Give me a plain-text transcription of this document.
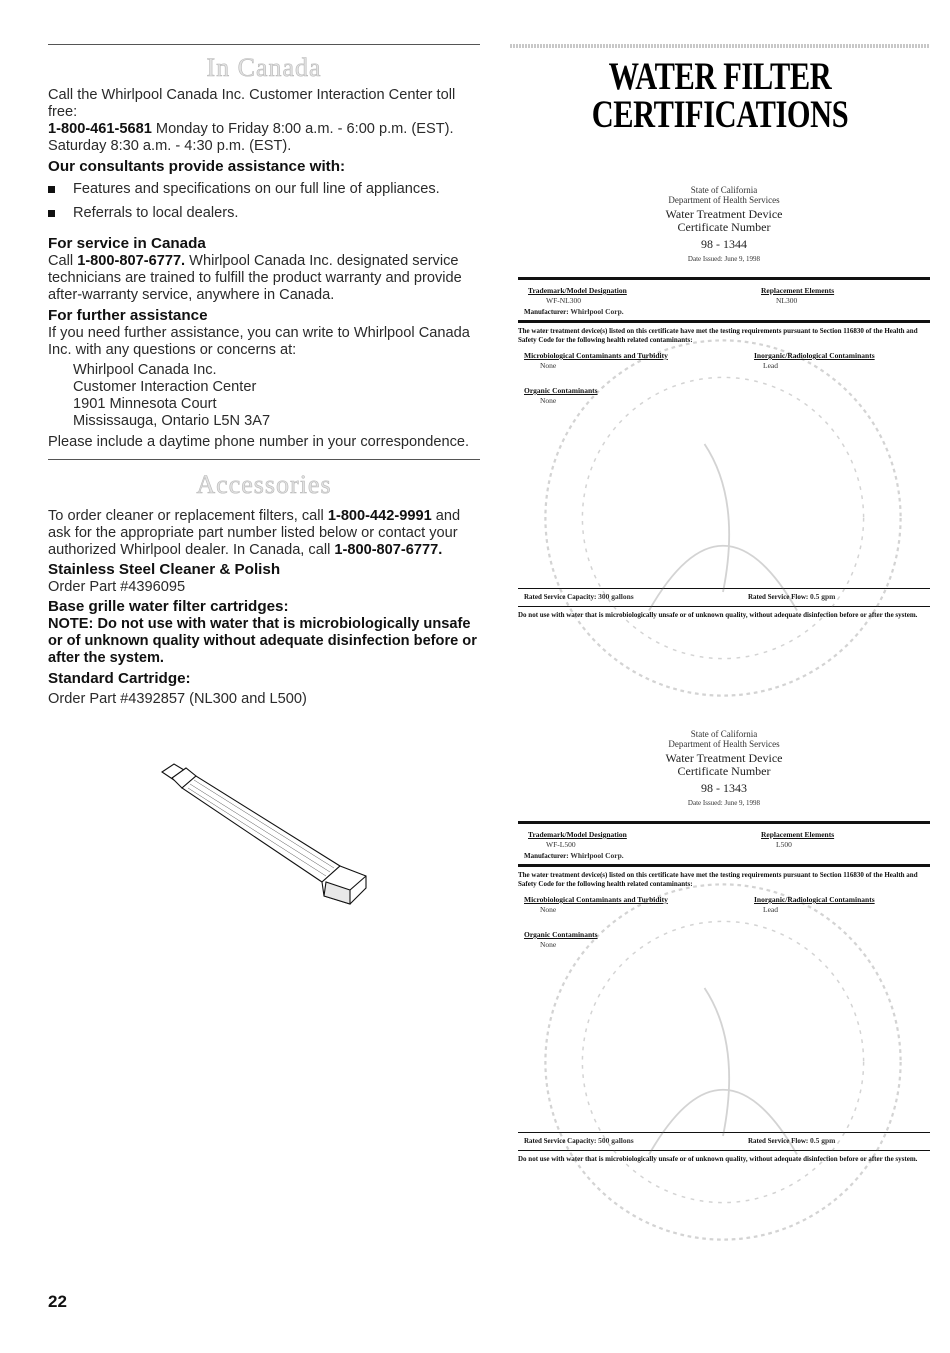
In Canada

Call the Whirlpool Canada Inc. Customer Interaction Center toll free:

1-800-461-5681 Monday to Friday 8:00 a.m. - 6:00 p.m. (EST).

Saturday 8:30 a.m. - 4:30 p.m. (EST).

Our consultants provide assistance with:

Features and specifications on our full line of appliances.
Referrals to local dealers.

For service in Canada

Call 1-800-807-6777. Whirlpool Canada Inc. designated service technicians are trained to fulfill the product warranty and provide after-warranty service, anywhere in Canada.

For further assistance

If you need further assistance, you can write to Whirlpool Canada Inc. with any questions or concerns at:

Whirlpool Canada Inc.
Customer Interaction Center
1901 Minnesota Court
Mississauga, Ontario L5N 3A7

Please include a daytime phone number in your correspondence.

Accessories

To order cleaner or replacement filters, call 1-800-442-9991 and ask for the appropriate part number listed below or contact your authorized Whirlpool dealer. In Canada, call 1-800-807-6777.

Stainless Steel Cleaner & Polish

Order Part #4396095

Base grille water filter cartridges:

NOTE: Do not use with water that is microbiologically unsafe or of unknown quality without adequate disinfection before or after the system.

Standard Cartridge:

Order Part #4392857 (NL300 and L500)

22
WATER FILTER
CERTIFICATIONS
State of California
Department of Health Services
Water Treatment Device
Certificate Number
98 - 1344
Date Issued: June 9, 1998
Trademark/Model Designation
WF-NL300
Replacement Elements
NL300
Manufacturer: Whirlpool Corp.
The water treatment device(s) listed on this certificate have met the testing requirements pursuant to Section 116830 of the Health and Safety Code for the following health related contaminants:
Microbiological Contaminants and Turbidity
None
Inorganic/Radiological Contaminants
Lead
Organic Contaminants
None
Rated Service Capacity: 300 gallons	Rated Service Flow: 0.5 gpm
Do not use with water that is microbiologically unsafe or of unknown quality, without adequate disinfection before or after the system.
State of California
Department of Health Services
Water Treatment Device
Certificate Number
98 - 1343
Date Issued: June 9, 1998
Trademark/Model Designation
WF-L500
Replacement Elements
L500
Manufacturer: Whirlpool Corp.
The water treatment device(s) listed on this certificate have met the testing requirements pursuant to Section 116830 of the Health and Safety Code for the following health related contaminants:
Microbiological Contaminants and Turbidity
None
Inorganic/Radiological Contaminants
Lead
Organic Contaminants
None
Rated Service Capacity: 500 gallons	Rated Service Flow: 0.5 gpm
Do not use with water that is microbiologically unsafe or of unknown quality, without adequate disinfection before or after the system.
